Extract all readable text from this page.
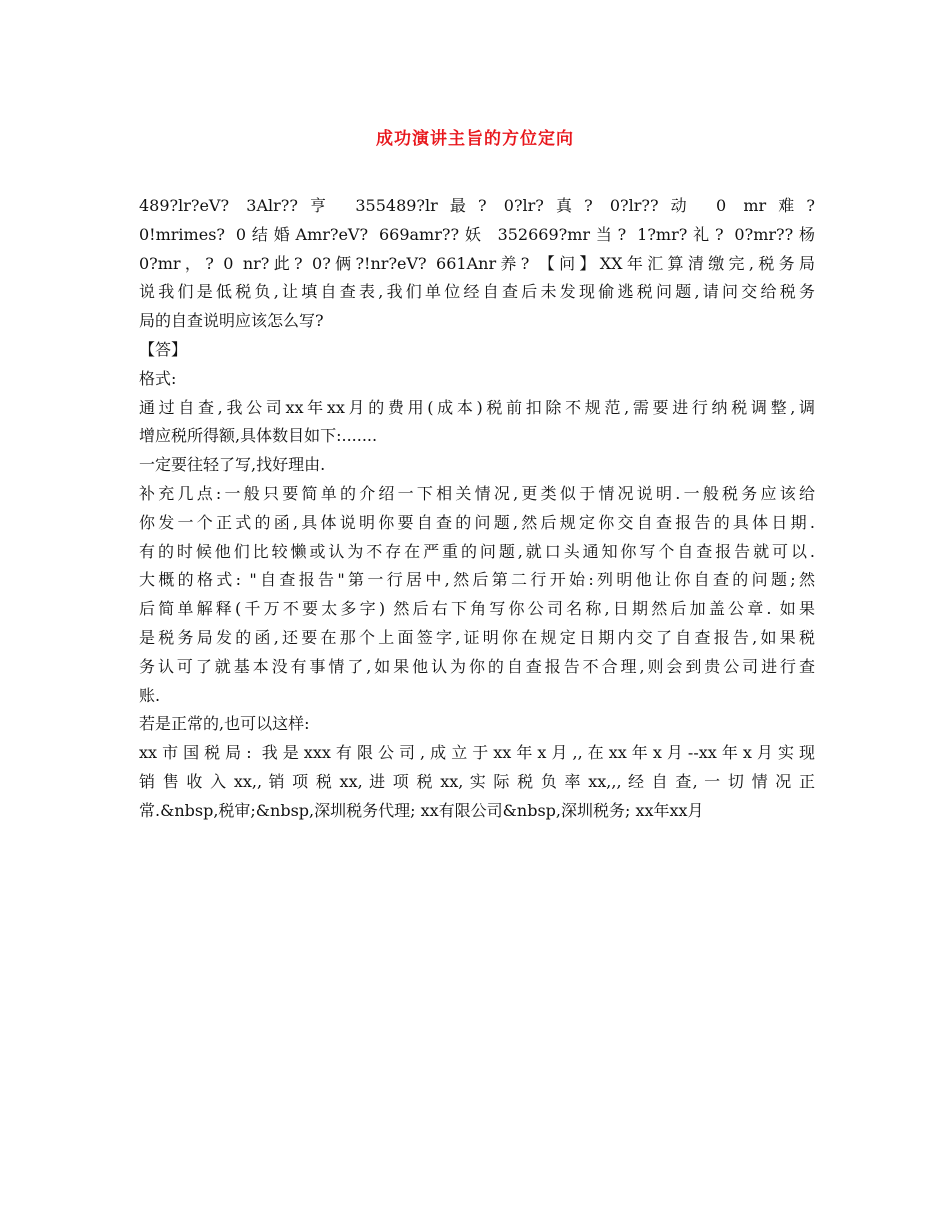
成功演讲主旨的方位定向
489?lr?eV? 3Alr??亨 355489?lr最? 0?lr?真? 0?lr??动 0 mr难?
0!mrimes? 0结婚Amr?eV? 669amr??妖 352669?mr当? 1?mr?礼? 0?mr??杨
0?mr，? 0 nr?此? 0?俩?!nr?eV? 661Anr养? 【问】XX年汇算清缴完,税务局
说我们是低税负,让填自查表,我们单位经自查后未发现偷逃税问题,请问交给税务
局的自查说明应该怎么写?
【答】
格式:
通过自查,我公司xx年xx月的费用(成本)税前扣除不规范,需要进行纳税调整,调
增应税所得额,具体数目如下:.......
一定要往轻了写,找好理由.
补充几点:一般只要简单的介绍一下相关情况,更类似于情况说明.一般税务应该给
你发一个正式的函,具体说明你要自查的问题,然后规定你交自查报告的具体日期.
有的时候他们比较懒或认为不存在严重的问题,就口头通知你写个自查报告就可以.
大概的格式: "自查报告"第一行居中,然后第二行开始:列明他让你自查的问题;然
后简单解释(千万不要太多字) 然后右下角写你公司名称,日期然后加盖公章. 如果
是税务局发的函,还要在那个上面签字,证明你在规定日期内交了自查报告,如果税
务认可了就基本没有事情了,如果他认为你的自查报告不合理,则会到贵公司进行查
账.
若是正常的,也可以这样:
xx市国税局: 我是xxx有限公司,成立于xx年x月,,在xx年x月--xx年x月实现
销 售 收 入 xx,, 销 项 税 xx, 进 项 税 xx, 实 际 税 负 率 xx,,, 经 自 查, 一 切 情 况 正
常.&nbsp,税审;&nbsp,深圳税务代理; xx有限公司&nbsp,深圳税务; xx年xx月
